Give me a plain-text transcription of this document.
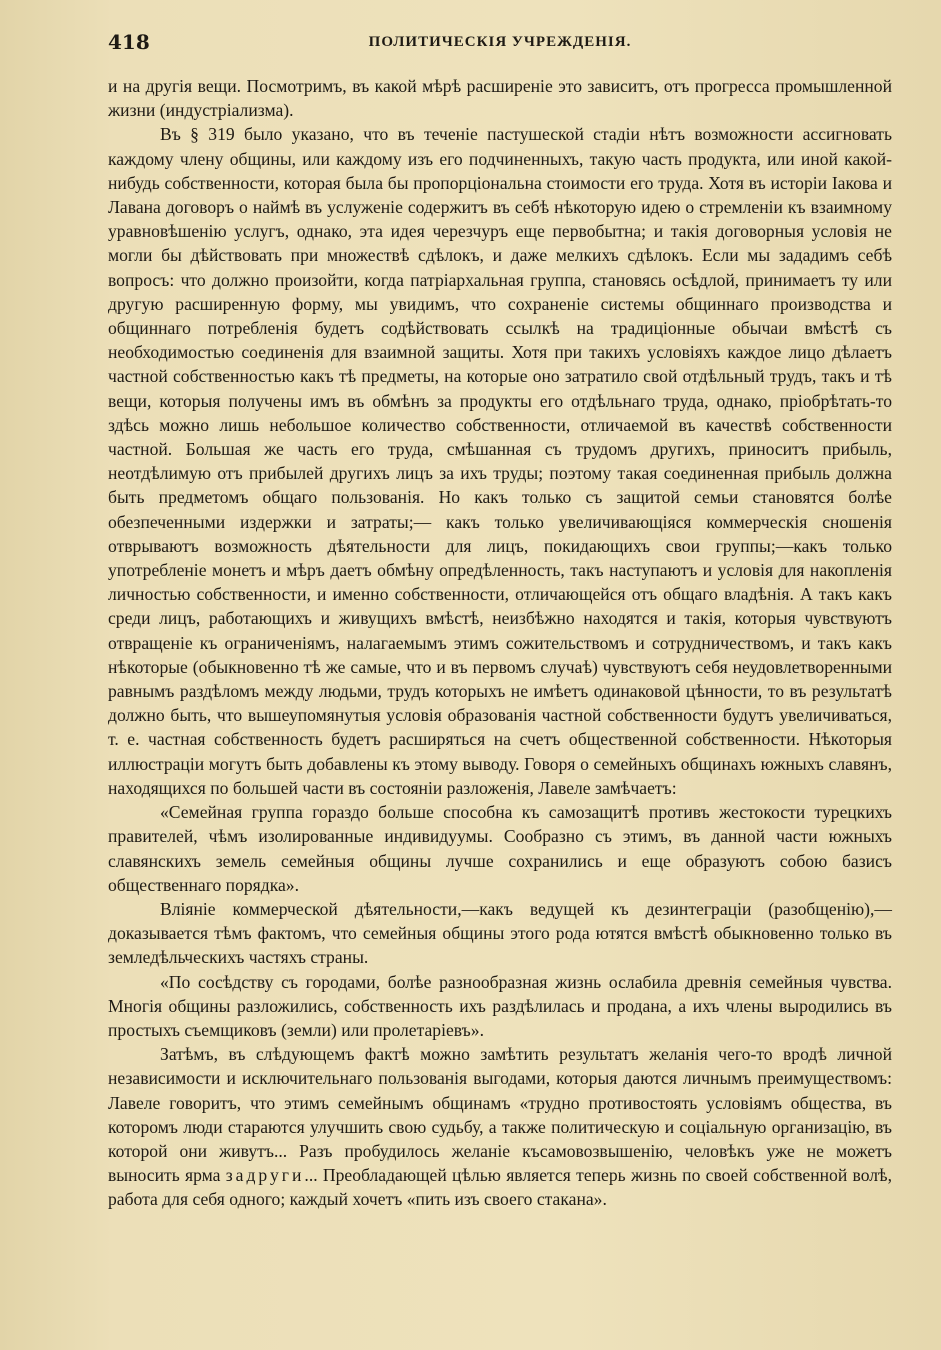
418	ПОЛИТИЧЕСКІЯ УЧРЕЖДЕНІЯ.

и на другія вещи. Посмотримъ, въ какой мѣрѣ расширеніе это зависитъ, отъ прогресса промышленной жизни (индустріализма).

Въ § 319 было указано, что въ теченіе пастушеской стадіи нѣтъ возможности ассигновать каждому члену общины, или каждому изъ его подчиненныхъ, такую часть продукта, или иной какой-нибудь собственности, которая была бы пропорціональна стоимости его труда. Хотя въ исторіи Іакова и Лавана договоръ о наймѣ въ услуженіе содержитъ въ себѣ нѣкоторую идею о стремленіи къ взаимному уравновѣшенію услугъ, однако, эта идея черезчуръ еще первобытна; и такія договорныя условія не могли бы дѣйствовать при множествѣ сдѣлокъ, и даже мелкихъ сдѣлокъ. Если мы зададимъ себѣ вопросъ: что должно произойти, когда патріархальная группа, становясь осѣдлой, принимаетъ ту или другую расширенную форму, мы увидимъ, что сохраненіе системы общиннаго производства и общиннаго потребленія будетъ содѣйствовать ссылкѣ на традиціонные обычаи вмѣстѣ съ необходимостью соединенія для взаимной защиты. Хотя при такихъ условіяхъ каждое лицо дѣлаетъ частной собственностью какъ тѣ предметы, на которые оно затратило свой отдѣльный трудъ, такъ и тѣ вещи, которыя получены имъ въ обмѣнъ за продукты его отдѣльнаго труда, однако, пріобрѣтать-то здѣсь можно лишь небольшое количество собственности, отличаемой въ качествѣ собственности частной. Большая же часть его труда, смѣшанная съ трудомъ другихъ, приноситъ прибыль, неотдѣлимую отъ прибылей другихъ лицъ за ихъ труды; поэтому такая соединенная прибыль должна быть предметомъ общаго пользованія. Но какъ только съ защитой семьи становятся болѣе обезпеченными издержки и затраты;— какъ только увеличивающіяся коммерческія сношенія отврываютъ возможность дѣятельности для лицъ, покидающихъ свои группы;—какъ только употребленіе монетъ и мѣръ даетъ обмѣну опредѣленность, такъ наступаютъ и условія для накопленія личностью собственности, и именно собственности, отличающейся отъ общаго владѣнія. А такъ какъ среди лицъ, работающихъ и живущихъ вмѣстѣ, неизбѣжно находятся и такія, которыя чувствуютъ отвращеніе къ ограниченіямъ, налагаемымъ этимъ сожительствомъ и сотрудничествомъ, и такъ какъ нѣкоторые (обыкновенно тѣ же самые, что и въ первомъ случаѣ) чувствуютъ себя неудовлетворенными равнымъ раздѣломъ между людьми, трудъ которыхъ не имѣетъ одинаковой цѣнности, то въ результатѣ должно быть, что вышеупомянутыя условія образованія частной собственности будутъ увеличиваться, т. е. частная собственность будетъ расширяться на счетъ общественной собственности. Нѣкоторыя иллюстраціи могутъ быть добавлены къ этому выводу. Говоря о семейныхъ общинахъ южныхъ славянъ, находящихся по большей части въ состояніи разложенія, Лавеле замѣчаетъ:

«Семейная группа гораздо больше способна къ самозащитѣ противъ жестокости турецкихъ правителей, чѣмъ изолированные индивидуумы. Сообразно съ этимъ, въ данной части южныхъ славянскихъ земель семейныя общины лучше сохранились и еще образуютъ собою базисъ общественнаго порядка».

Вліяніе коммерческой дѣятельности,—какъ ведущей къ дезинтеграціи (разобщенію),—доказывается тѣмъ фактомъ, что семейныя общины этого рода ютятся вмѣстѣ обыкновенно только въ земледѣльческихъ частяхъ страны.

«По сосѣдству съ городами, болѣе разнообразная жизнь ослабила древнія семейныя чувства. Многія общины разложились, собственность ихъ раздѣлилась и продана, а ихъ члены выродились въ простыхъ съемщиковъ (земли) или пролетаріевъ».

Затѣмъ, въ слѣдующемъ фактѣ можно замѣтить результатъ желанія чего-то вродѣ личной независимости и исключительнаго пользованія выгодами, которыя даются личнымъ преимуществомъ: Лавеле говоритъ, что этимъ семейнымъ общинамъ «трудно противостоять условіямъ общества, въ которомъ люди стараются улучшить свою судьбу, а также политическую и соціальную организацію, въ которой они живутъ... Разъ пробудилось желаніе късамовозвышенію, человѣкъ уже не можетъ выносить ярма задруги... Преобладающей цѣлью является теперь жизнь по своей собственной волѣ, работа для себя одного; каждый хочетъ «пить изъ своего стакана».
